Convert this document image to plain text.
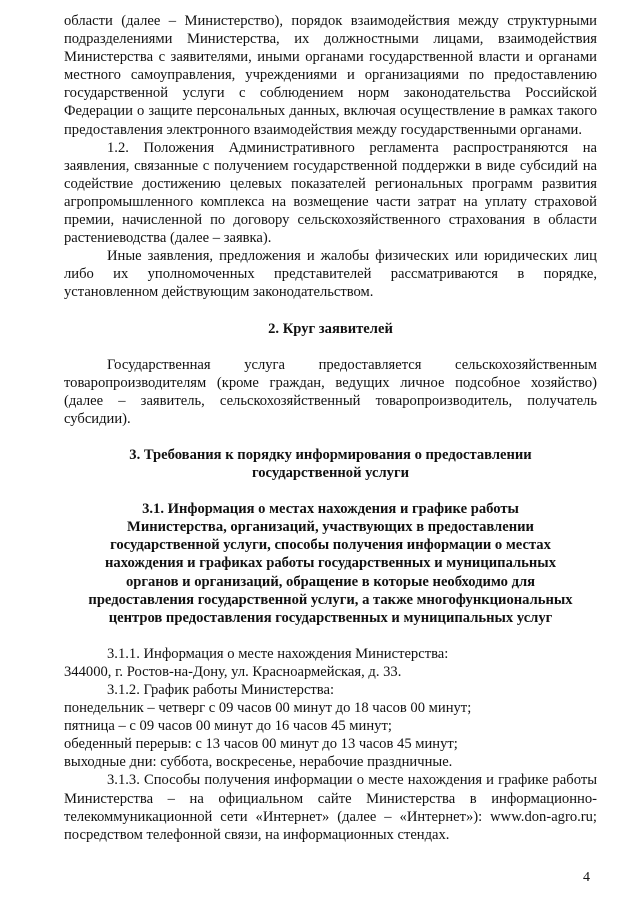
области (далее – Министерство), порядок взаимодействия между структурными подразделениями Министерства, их должностными лицами, взаимодействия Министерства с заявителями, иными органами государственной власти и органами местного самоуправления, учреждениями и организациями по предоставлению государственной услуги с соблюдением норм законодательства Российской Федерации о защите персональных данных, включая осуществление в рамках такого предоставления электронного взаимодействия между государственными органами.

1.2. Положения Административного регламента распространяются на заявления, связанные с получением государственной поддержки в виде субсидий на содействие достижению целевых показателей региональных программ развития агропромышленного комплекса на возмещение части затрат на уплату страховой премии, начисленной по договору сельскохозяйственного страхования в области растениеводства (далее – заявка).

Иные заявления, предложения и жалобы физических или юридических лиц либо их уполномоченных представителей рассматриваются в порядке, установленном действующим законодательством.

2. Круг заявителей

Государственная услуга предоставляется сельскохозяйственным товаропроизводителям (кроме граждан, ведущих личное подсобное хозяйство) (далее – заявитель, сельскохозяйственный товаропроизводитель, получатель субсидии).

3. Требования к порядку информирования о предоставлении
государственной услуги
3.1. Информация о местах нахождения и графике работы
Министерства, организаций, участвующих в предоставлении
государственной услуги, способы получения информации о местах
нахождения и графиках работы государственных и муниципальных
органов и организаций, обращение в которые необходимо для
предоставления государственной услуги, а также многофункциональных
центров предоставления государственных и муниципальных услуг

3.1.1. Информация о месте нахождения Министерства:

344000, г. Ростов-на-Дону, ул. Красноармейская, д. 33.

3.1.2. График работы Министерства:

понедельник – четверг с 09 часов 00 минут до 18 часов 00 минут;

пятница – с 09 часов 00 минут до 16 часов 45 минут;

обеденный перерыв: с 13 часов 00 минут до 13 часов 45 минут;

выходные дни: суббота, воскресенье, нерабочие праздничные.

3.1.3. Способы получения информации о месте нахождения и графике работы Министерства – на официальном сайте Министерства в информационно-телекоммуникационной сети «Интернет» (далее – «Интернет»): www.don-agro.ru; посредством телефонной связи, на информационных стендах.

4
